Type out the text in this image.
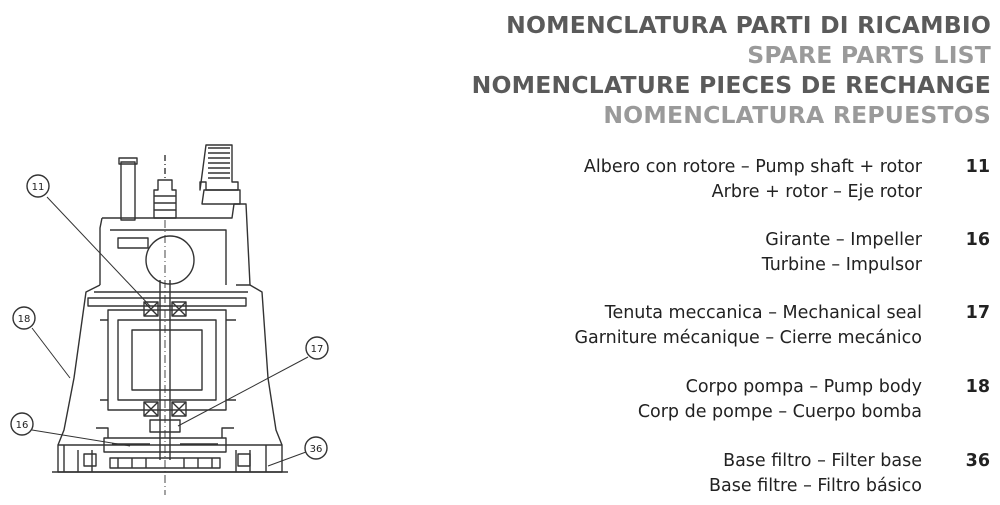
NOMENCLATURA PARTI DI RICAMBIO
SPARE PARTS LIST
NOMENCLATURE PIECES DE RECHANGE
NOMENCLATURA REPUESTOS
Albero con rotore – Pump shaft + rotor
Arbre + rotor – Eje rotor
11
Girante – Impeller
Turbine – Impulsor
16
Tenuta meccanica – Mechanical seal
Garniture mécanique – Cierre mecánico
17
Corpo pompa – Pump body
Corp de pompe – Cuerpo bomba
18
Base filtro – Filter base
Base filtre – Filtro básico
36
11
18
17
16
36
